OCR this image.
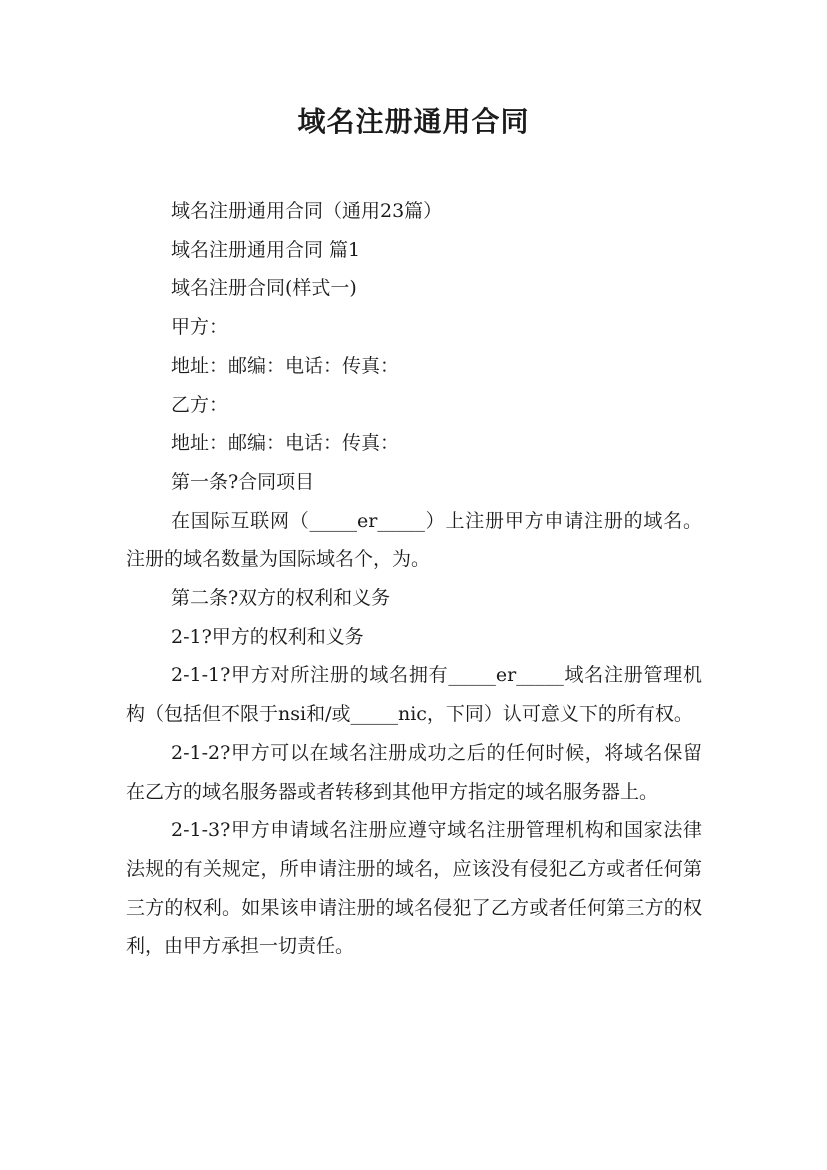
域名注册通用合同

域名注册通用合同（通用23篇）

域名注册通用合同 篇1

域名注册合同(样式一)

甲方：

地址：邮编：电话：传真：

乙方：

地址：邮编：电话：传真：

第一条?合同项目

在国际互联网（_____er_____）上注册甲方申请注册的域名。注册的域名数量为国际域名个，为。

第二条?双方的权利和义务

2-1?甲方的权利和义务

2-1-1?甲方对所注册的域名拥有_____er_____域名注册管理机构（包括但不限于nsi和/或_____nic，下同）认可意义下的所有权。

2-1-2?甲方可以在域名注册成功之后的任何时候，将域名保留在乙方的域名服务器或者转移到其他甲方指定的域名服务器上。

2-1-3?甲方申请域名注册应遵守域名注册管理机构和国家法律法规的有关规定，所申请注册的域名，应该没有侵犯乙方或者任何第三方的权利。如果该申请注册的域名侵犯了乙方或者任何第三方的权利，由甲方承担一切责任。
